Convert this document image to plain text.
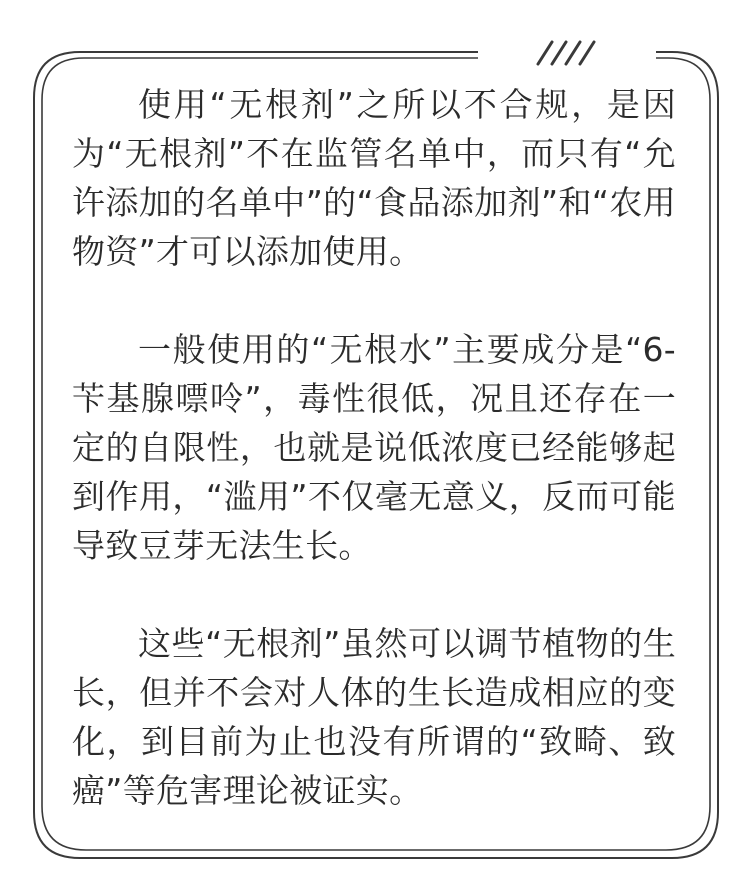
使用“无根剂”之所以不合规，是因为“无根剂”不在监管名单中，而只有“允许添加的名单中”的“食品添加剂”和“农用物资”才可以添加使用。

一般使用的“无根水”主要成分是“6-苄基腺嘌呤”，毒性很低，况且还存在一定的自限性，也就是说低浓度已经能够起到作用，“滥用”不仅毫无意义，反而可能导致豆芽无法生长。

这些“无根剂”虽然可以调节植物的生长，但并不会对人体的生长造成相应的变化，到目前为止也没有所谓的“致畸、致癌”等危害理论被证实。
